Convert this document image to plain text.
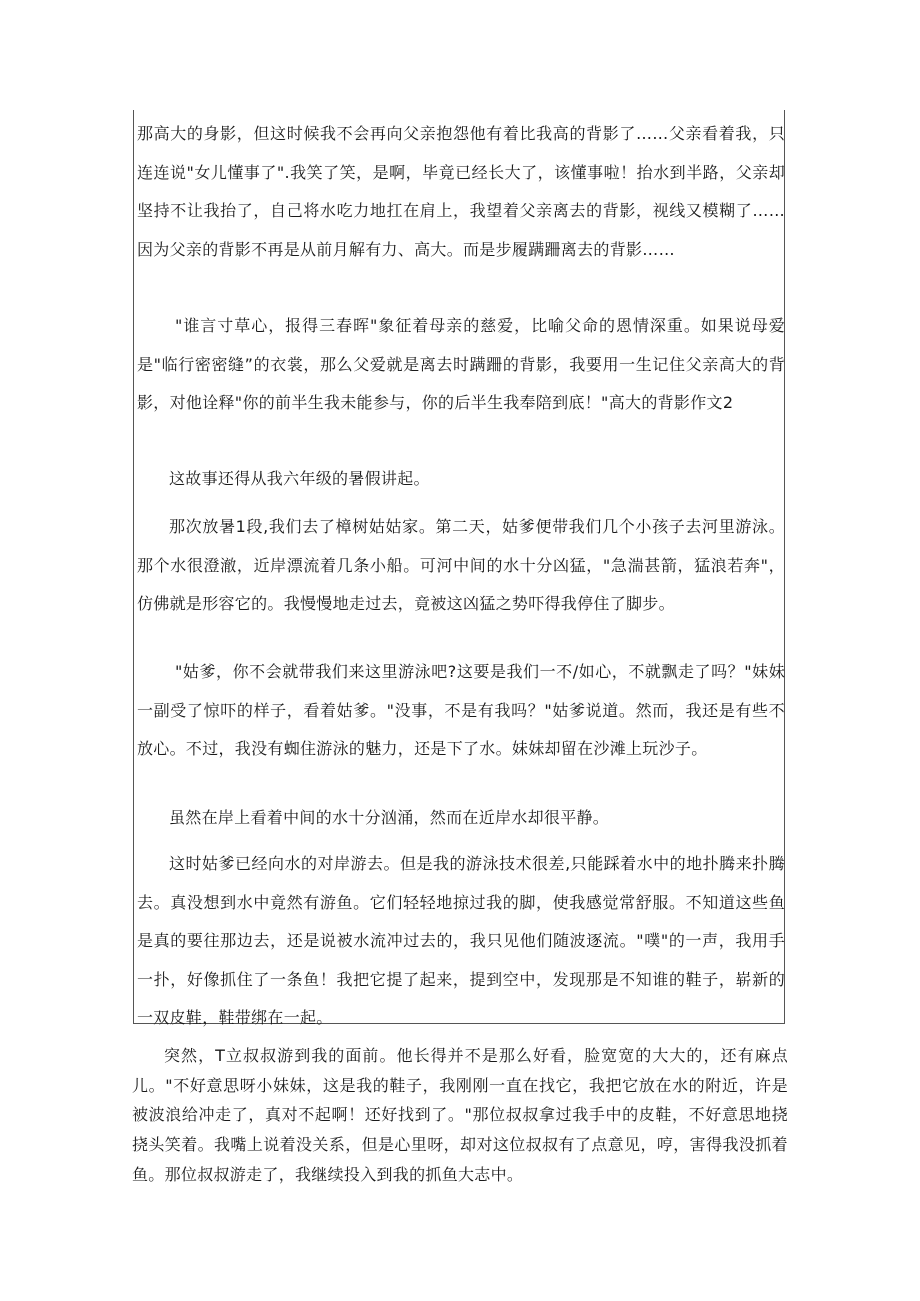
那高大的身影，但这时候我不会再向父亲抱怨他有着比我高的背影了……父亲看着我，只连连说"女儿懂事了".我笑了笑，是啊，毕竟已经长大了，该懂事啦！抬水到半路，父亲却坚持不让我抬了，自己将水吃力地扛在肩上，我望着父亲离去的背影，视线又模糊了……因为父亲的背影不再是从前月解有力、高大。而是步履蹒跚离去的背影……

"谁言寸草心，报得三春晖"象征着母亲的慈爱，比喻父命的恩情深重。如果说母爱是"临行密密缝”的衣裳，那么父爱就是离去时蹒跚的背影，我要用一生记住父亲高大的背影，对他诠释"你的前半生我未能参与，你的后半生我奉陪到底！"高大的背影作文2

这故事还得从我六年级的暑假讲起。

那次放暑1段,我们去了樟树姑姑家。第二天，姑爹便带我们几个小孩子去河里游泳。那个水很澄澈，近岸漂流着几条小船。可河中间的水十分凶猛，"急湍甚箭，猛浪若奔"，仿佛就是形容它的。我慢慢地走过去，竟被这凶猛之势吓得我停住了脚步。

"姑爹，你不会就带我们来这里游泳吧?这要是我们一不/如心，不就飘走了吗？"妹妹一副受了惊吓的样子，看着姑爹。"没事，不是有我吗？"姑爹说道。然而，我还是有些不放心。不过，我没有蜘住游泳的魅力，还是下了水。妹妹却留在沙滩上玩沙子。

虽然在岸上看着中间的水十分汹涌，然而在近岸水却很平静。

这时姑爹已经向水的对岸游去。但是我的游泳技术很差,只能踩着水中的地扑腾来扑腾去。真没想到水中竟然有游鱼。它们轻轻地掠过我的脚，使我感觉常舒服。不知道这些鱼是真的要往那边去，还是说被水流冲过去的，我只见他们随波逐流。"噗"的一声，我用手一扑，好像抓住了一条鱼！我把它提了起来，提到空中，发现那是不知谁的鞋子，崭新的一双皮鞋，鞋带绑在一起。

突然，T立叔叔游到我的面前。他长得并不是那么好看，脸宽宽的大大的，还有麻点儿。"不好意思呀小妹妹，这是我的鞋子，我刚刚一直在找它，我把它放在水的附近，许是被波浪给冲走了，真对不起啊！还好找到了。"那位叔叔拿过我手中的皮鞋，不好意思地挠挠头笑着。我嘴上说着没关系，但是心里呀，却对这位叔叔有了点意见，哼，害得我没抓着鱼。那位叔叔游走了，我继续投入到我的抓鱼大志中。
